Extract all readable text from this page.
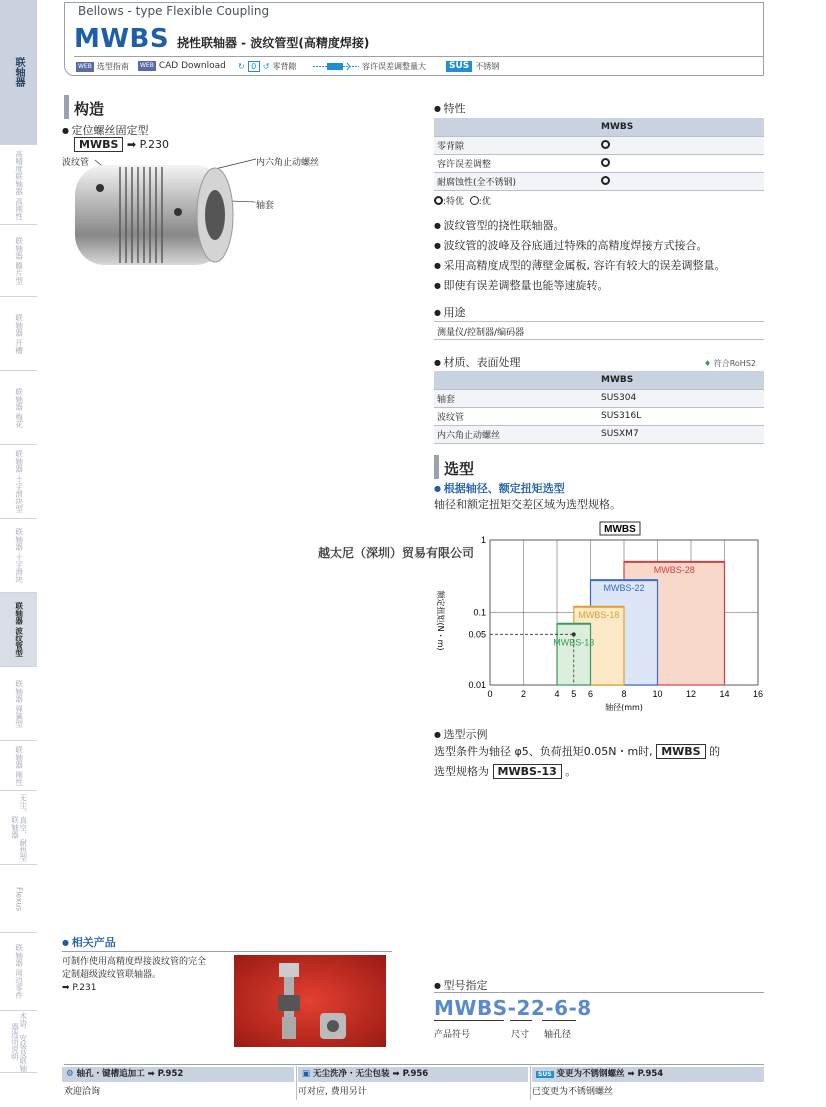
联轴器
高精度联轴器 高刚性
联轴器 膜片型
联轴器 开槽
联轴器 梅花
联轴器 十字滑块型
联轴器 十字滑块
联轴器 波纹管型
联轴器 弹簧型
联轴器 刚性
无尘、真空、耐热型联轴器
Flexus
联轴器 周边零件
术语、安装及联轴器选用说明
Bellows - type Flexible Coupling
MWBS 挠性联轴器 - 波纹管型(高精度焊接)
WEB 选型指南	WEB CAD Download ↻ 0 ↺ 零背隙	容许误差调整量大	SUS 不锈钢
构造
● 定位螺丝固定型
MWBS ➡ P.230
波纹管	内六角止动螺丝
轴套
● 特性
	MWBS
零背隙	
容许误差调整	
耐腐蚀性(全不锈钢)	
:特优 :优
● 波纹管型的挠性联轴器。
● 波纹管的波峰及谷底通过特殊的高精度焊接方式接合。
● 采用高精度成型的薄壁金属板, 容许有较大的误差调整量。
● 即使有误差调整量也能等速旋转。
● 用途
测量仪/控制器/编码器
● 材质、表面处理	♦ 符合RoHS2
	MWBS
轴套	SUS304
波纹管	SUS316L
内六角止动螺丝	SUSXM7
选型
● 根据轴径、额定扭矩选型
轴径和额定扭矩交差区域为选型规格。
MWBS-13
MWBS-18
MWBS-22
MWBS-28
0	2	4 5 6	8	10	12	14	16
1
0.1
0.05
0.01
轴径(mm)
额定扭矩(N・m)
MWBS
越太尼（深圳）贸易有限公司
● 选型示例
选型条件为轴径 φ5、负荷扭矩0.05N・m时, MWBS 的
选型规格为 MWBS-13 。
● 相关产品
可制作使用高精度焊接波纹管的完全
定制超级波纹管联轴器。
➡ P.231	● 型号指定
MWBS-22-6-8
产品符号	尺寸 轴孔径
⚙ 轴孔・键槽追加工 ➡ P.952
欢迎洽询
▣ 无尘洗净・无尘包装 ➡ P.956
可对应, 费用另计
SUS 变更为不锈钢螺丝 ➡ P.954
已变更为不锈钢螺丝
